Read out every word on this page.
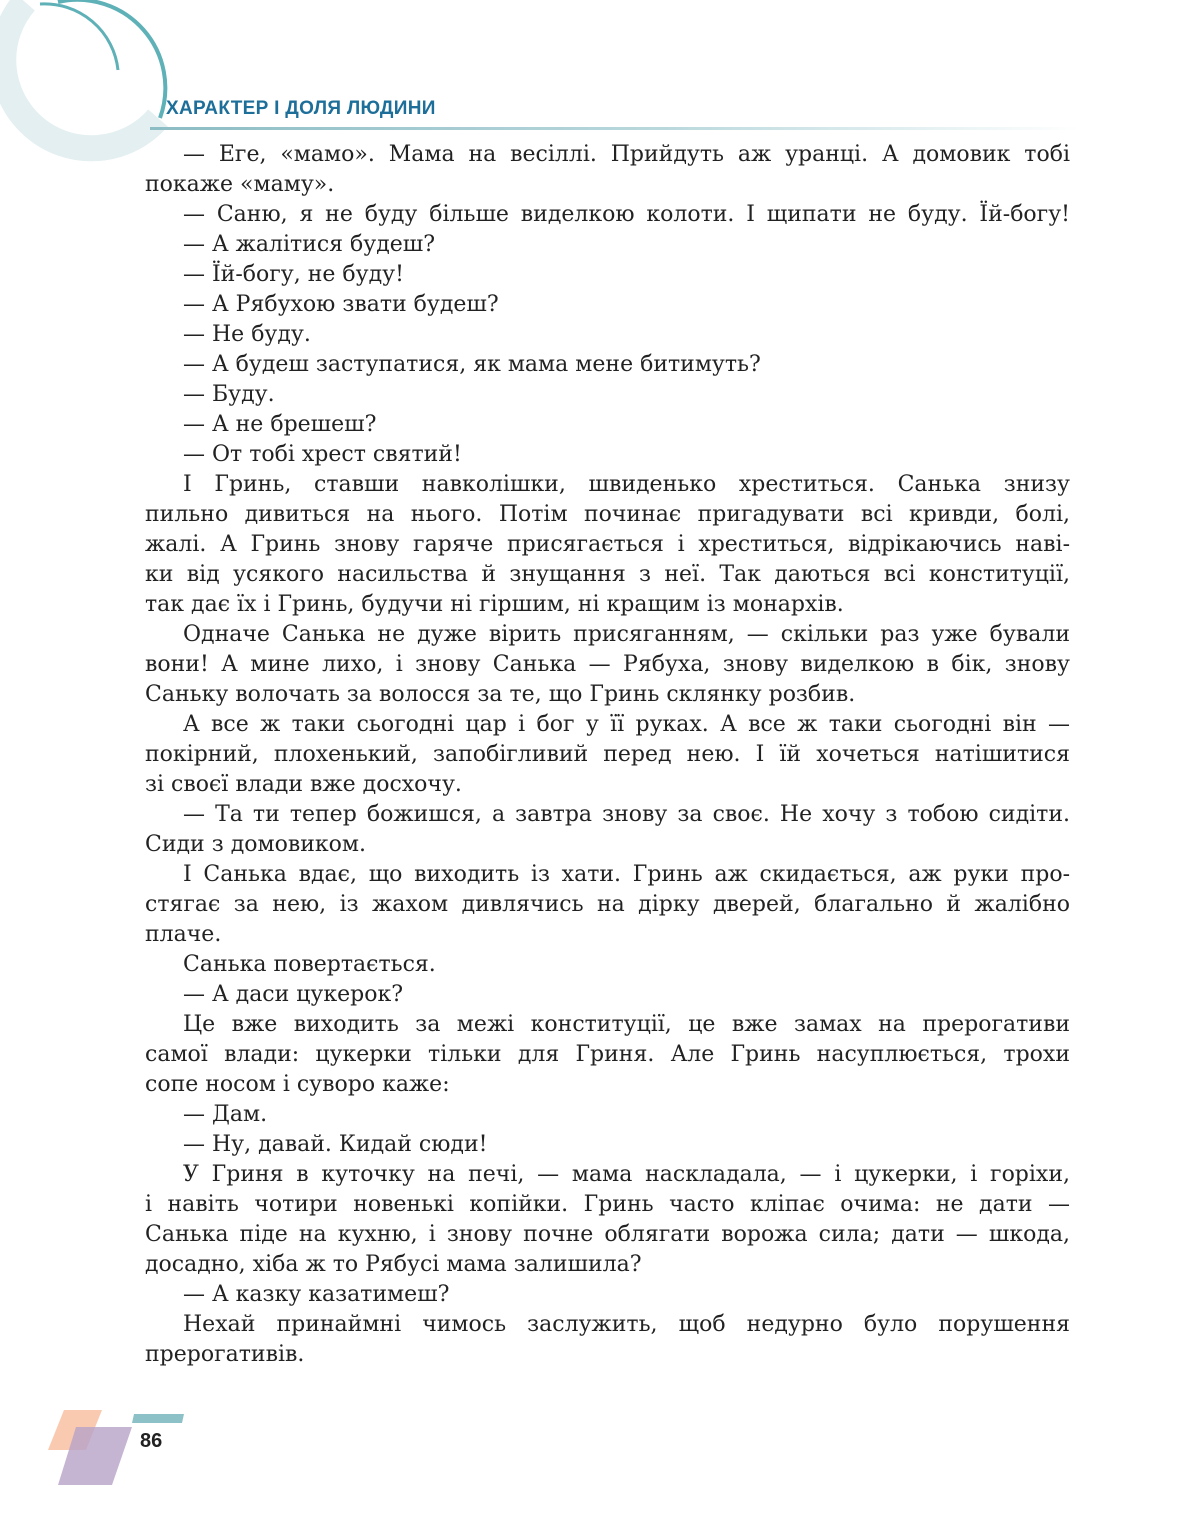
ХАРАКТЕР І ДОЛЯ ЛЮДИНИ
— Еге, «мамо». Мама на весіллі. Прийдуть аж уранці. А домовик тобі
покаже «маму».
— Саню, я не буду більше виделкою колоти. І щипати не буду. Їй-богу!
— А жалітися будеш?
— Їй-богу, не буду!
— А Рябухою звати будеш?
— Не буду.
— А будеш заступатися, як мама мене битимуть?
— Буду.
— А не брешеш?
— От тобі хрест святий!
І Гринь, ставши навколішки, швиденько хреститься. Санька знизу
пильно дивиться на нього. Потім починає пригадувати всі кривди, болі,
жалі. А Гринь знову гаряче присягається і хреститься, відрікаючись наві-
ки від усякого насильства й знущання з неї. Так даються всі конституції,
так дає їх і Гринь, будучи ні гіршим, ні кращим із монархів.
Одначе Санька не дуже вірить присяганням, — скільки раз уже бували
вони! А мине лихо, і знову Санька — Рябуха, знову виделкою в бік, знову
Саньку волочать за волосся за те, що Гринь склянку розбив.
А все ж таки сьогодні цар і бог у її руках. А все ж таки сьогодні він —
покірний, плохенький, запобігливий перед нею. І їй хочеться натішитися
зі своєї влади вже досхочу.
— Та ти тепер божишся, а завтра знову за своє. Не хочу з тобою сидіти.
Сиди з домовиком.
І Санька вдає, що виходить із хати. Гринь аж скидається, аж руки про-
стягає за нею, із жахом дивлячись на дірку дверей, благально й жалібно
плаче.
Санька повертається.
— А даси цукерок?
Це вже виходить за межі конституції, це вже замах на прерогативи
самої влади: цукерки тільки для Гриня. Але Гринь насуплюється, трохи
сопе носом і суворо каже:
— Дам.
— Ну, давай. Кидай сюди!
У Гриня в куточку на печі, — мама наскладала, — і цукерки, і горіхи,
і навіть чотири новенькі копійки. Гринь часто кліпає очима: не дати —
Санька піде на кухню, і знову почне облягати ворожа сила; дати — шкода,
досадно, хіба ж то Рябусі мама залишила?
— А казку казатимеш?
Нехай принаймні чимось заслужить, щоб недурно було порушення
прерогативів.
86
